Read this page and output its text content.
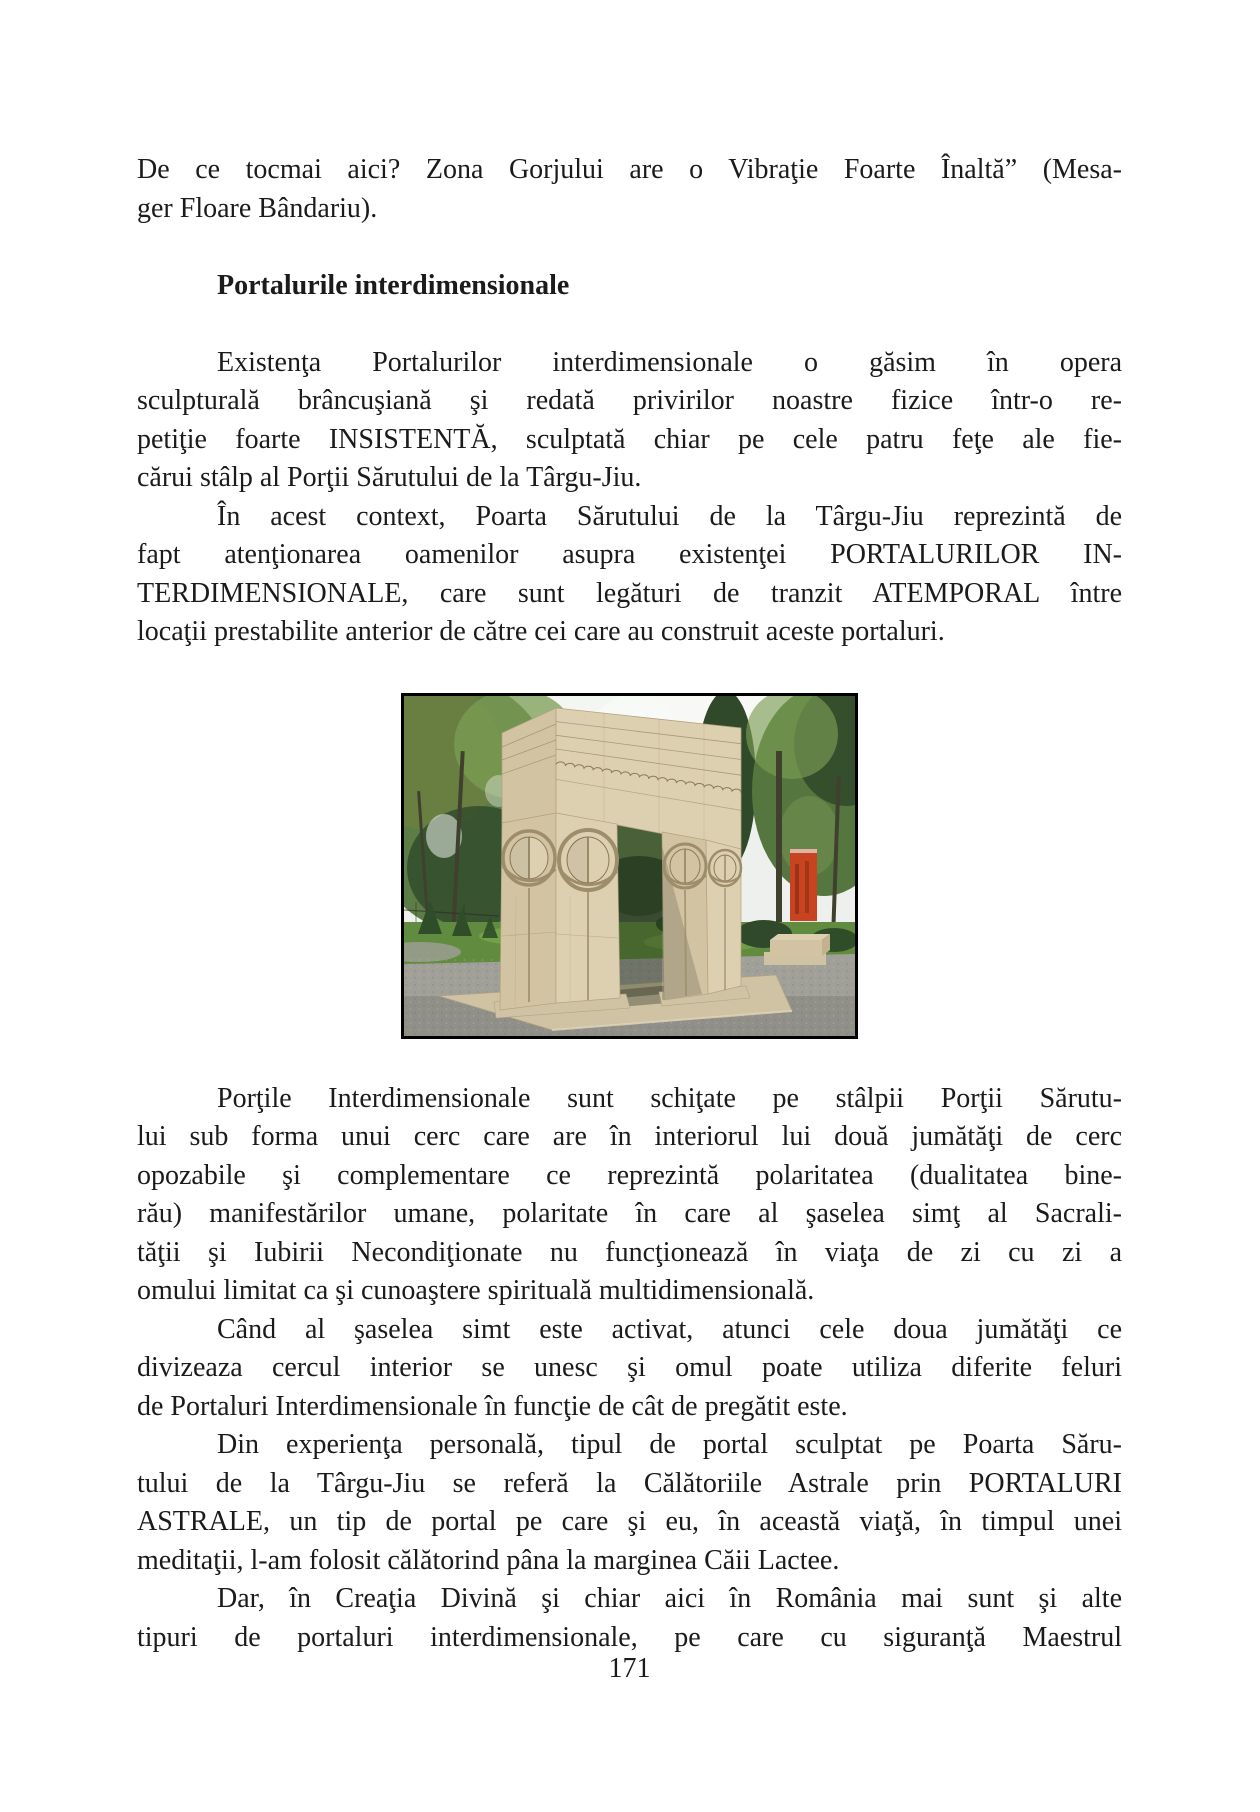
De ce tocmai aici? Zona Gorjului are o Vibraţie Foarte Înaltă” (Mesa-
ger Floare Bândariu).
Portalurile interdimensionale
Existenţa Portalurilor interdimensionale o găsim în opera
sculpturală brâncuşiană şi redată privirilor noastre fizice într-o re-
petiţie foarte INSISTENTĂ, sculptată chiar pe cele patru feţe ale fie-
cărui stâlp al Porţii Sărutului de la Târgu-Jiu.
În acest context, Poarta Sărutului de la Târgu-Jiu reprezintă de
fapt atenţionarea oamenilor asupra existenţei PORTALURILOR IN-
TERDIMENSIONALE, care sunt legături de tranzit ATEMPORAL între
locaţii prestabilite anterior de către cei care au construit aceste portaluri.
Porţile Interdimensionale sunt schiţate pe stâlpii Porţii Sărutu-
lui sub forma unui cerc care are în interiorul lui două jumătăţi de cerc
opozabile şi complementare ce reprezintă polaritatea (dualitatea bine-
rău) manifestărilor umane, polaritate în care al şaselea simţ al Sacrali-
tăţii şi Iubirii Necondiţionate nu funcţionează în viaţa de zi cu zi a
omului limitat ca şi cunoaştere spirituală multidimensională.
Când al şaselea simt este activat, atunci cele doua jumătăţi ce
divizeaza cercul interior se unesc şi omul poate utiliza diferite feluri
de Portaluri Interdimensionale în funcţie de cât de pregătit este.
Din experienţa personală, tipul de portal sculptat pe Poarta Săru-
tului de la Târgu-Jiu se referă la Călătoriile Astrale prin PORTALURI
ASTRALE, un tip de portal pe care şi eu, în această viaţă, în timpul unei
meditaţii, l-am folosit călătorind pâna la marginea Căii Lactee.
Dar, în Creaţia Divină şi chiar aici în România mai sunt şi alte
tipuri de portaluri interdimensionale, pe care cu siguranţă Maestrul
171
